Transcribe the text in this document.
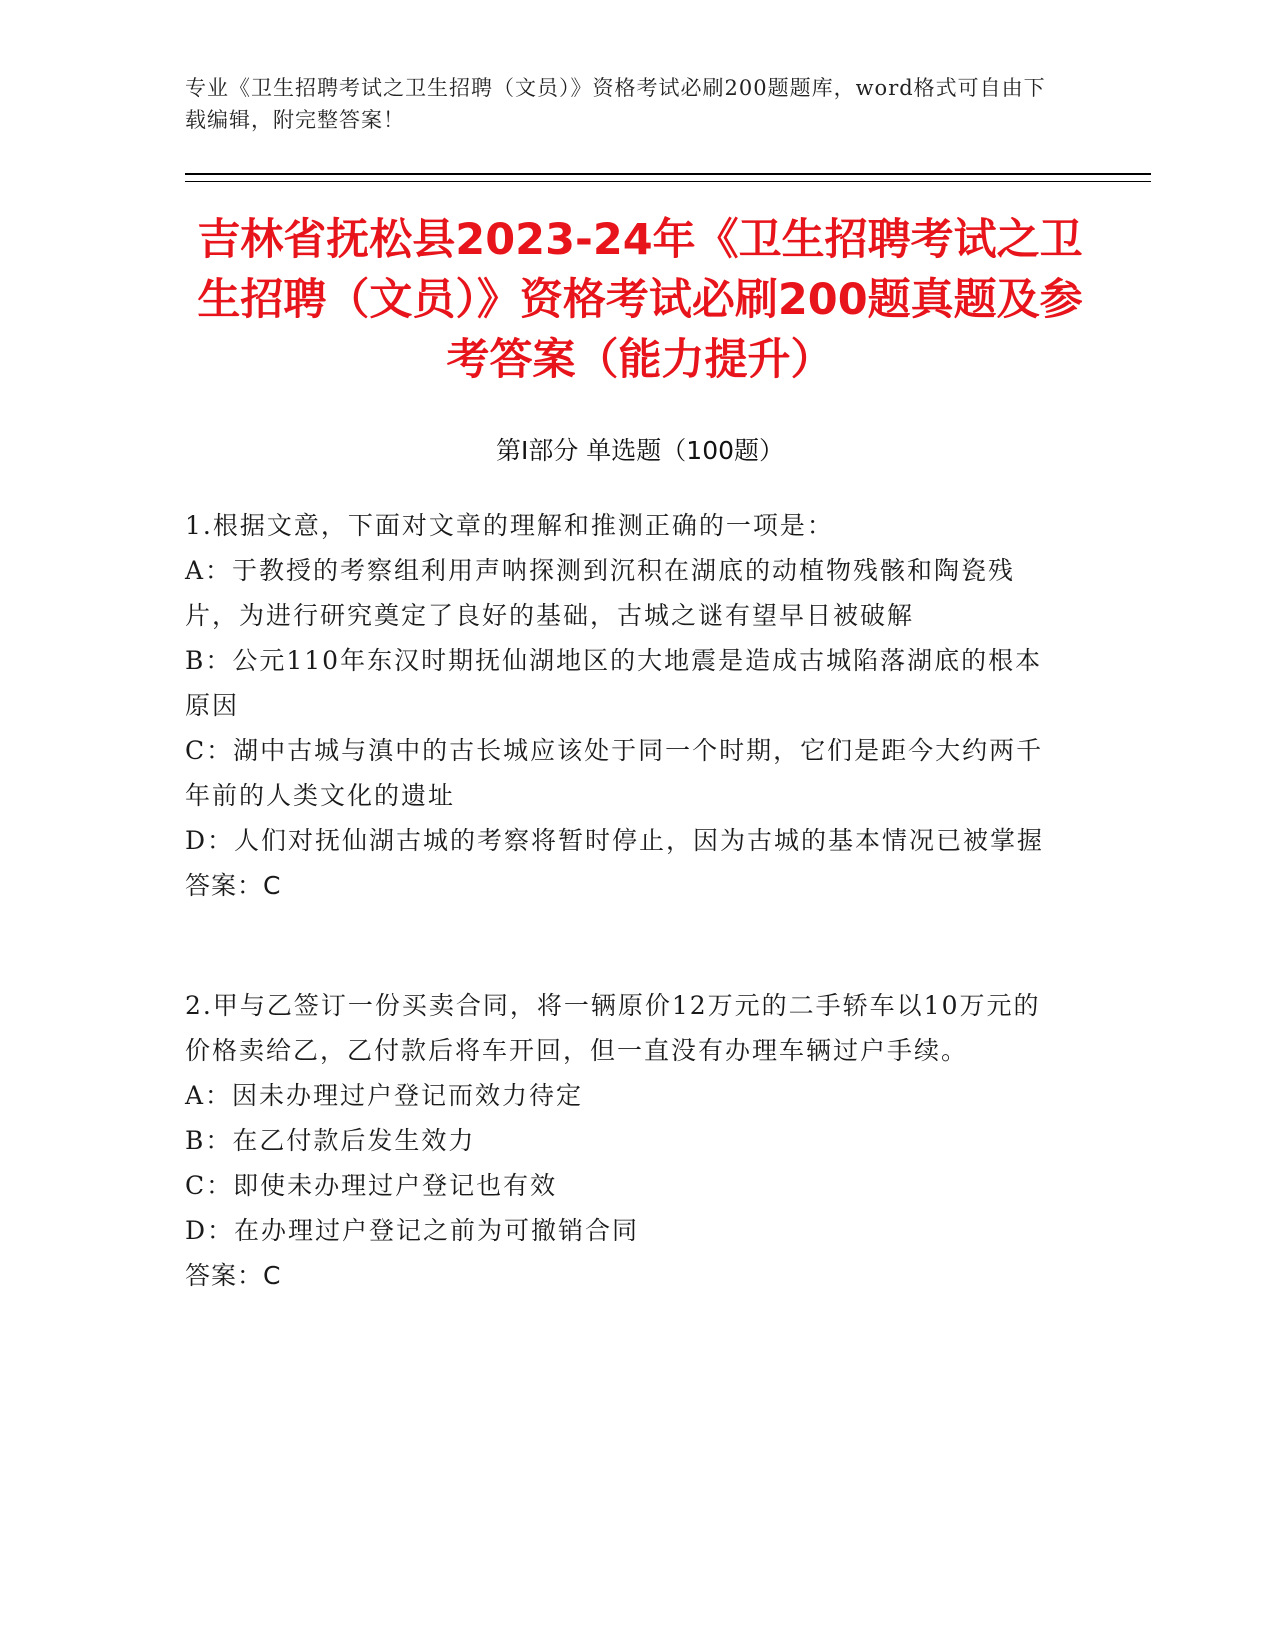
专业《卫生招聘考试之卫生招聘（文员）》资格考试必刷200题题库，word格式可自由下载编辑，附完整答案！
吉林省抚松县2023-24年《卫生招聘考试之卫生招聘（文员）》资格考试必刷200题真题及参考答案（能力提升）
第Ⅰ部分 单选题（100题）

1.根据文意，下面对文章的理解和推测正确的一项是：

A：于教授的考察组利用声呐探测到沉积在湖底的动植物残骸和陶瓷残片，为进行研究奠定了良好的基础，古城之谜有望早日被破解

B：公元110年东汉时期抚仙湖地区的大地震是造成古城陷落湖底的根本原因

C：湖中古城与滇中的古长城应该处于同一个时期，它们是距今大约两千年前的人类文化的遗址

D：人们对抚仙湖古城的考察将暂时停止，因为古城的基本情况已被掌握

答案：C

2.甲与乙签订一份买卖合同，将一辆原价12万元的二手轿车以10万元的价格卖给乙，乙付款后将车开回，但一直没有办理车辆过户手续。

A：因未办理过户登记而效力待定

B：在乙付款后发生效力

C：即使未办理过户登记也有效

D：在办理过户登记之前为可撤销合同

答案：C
